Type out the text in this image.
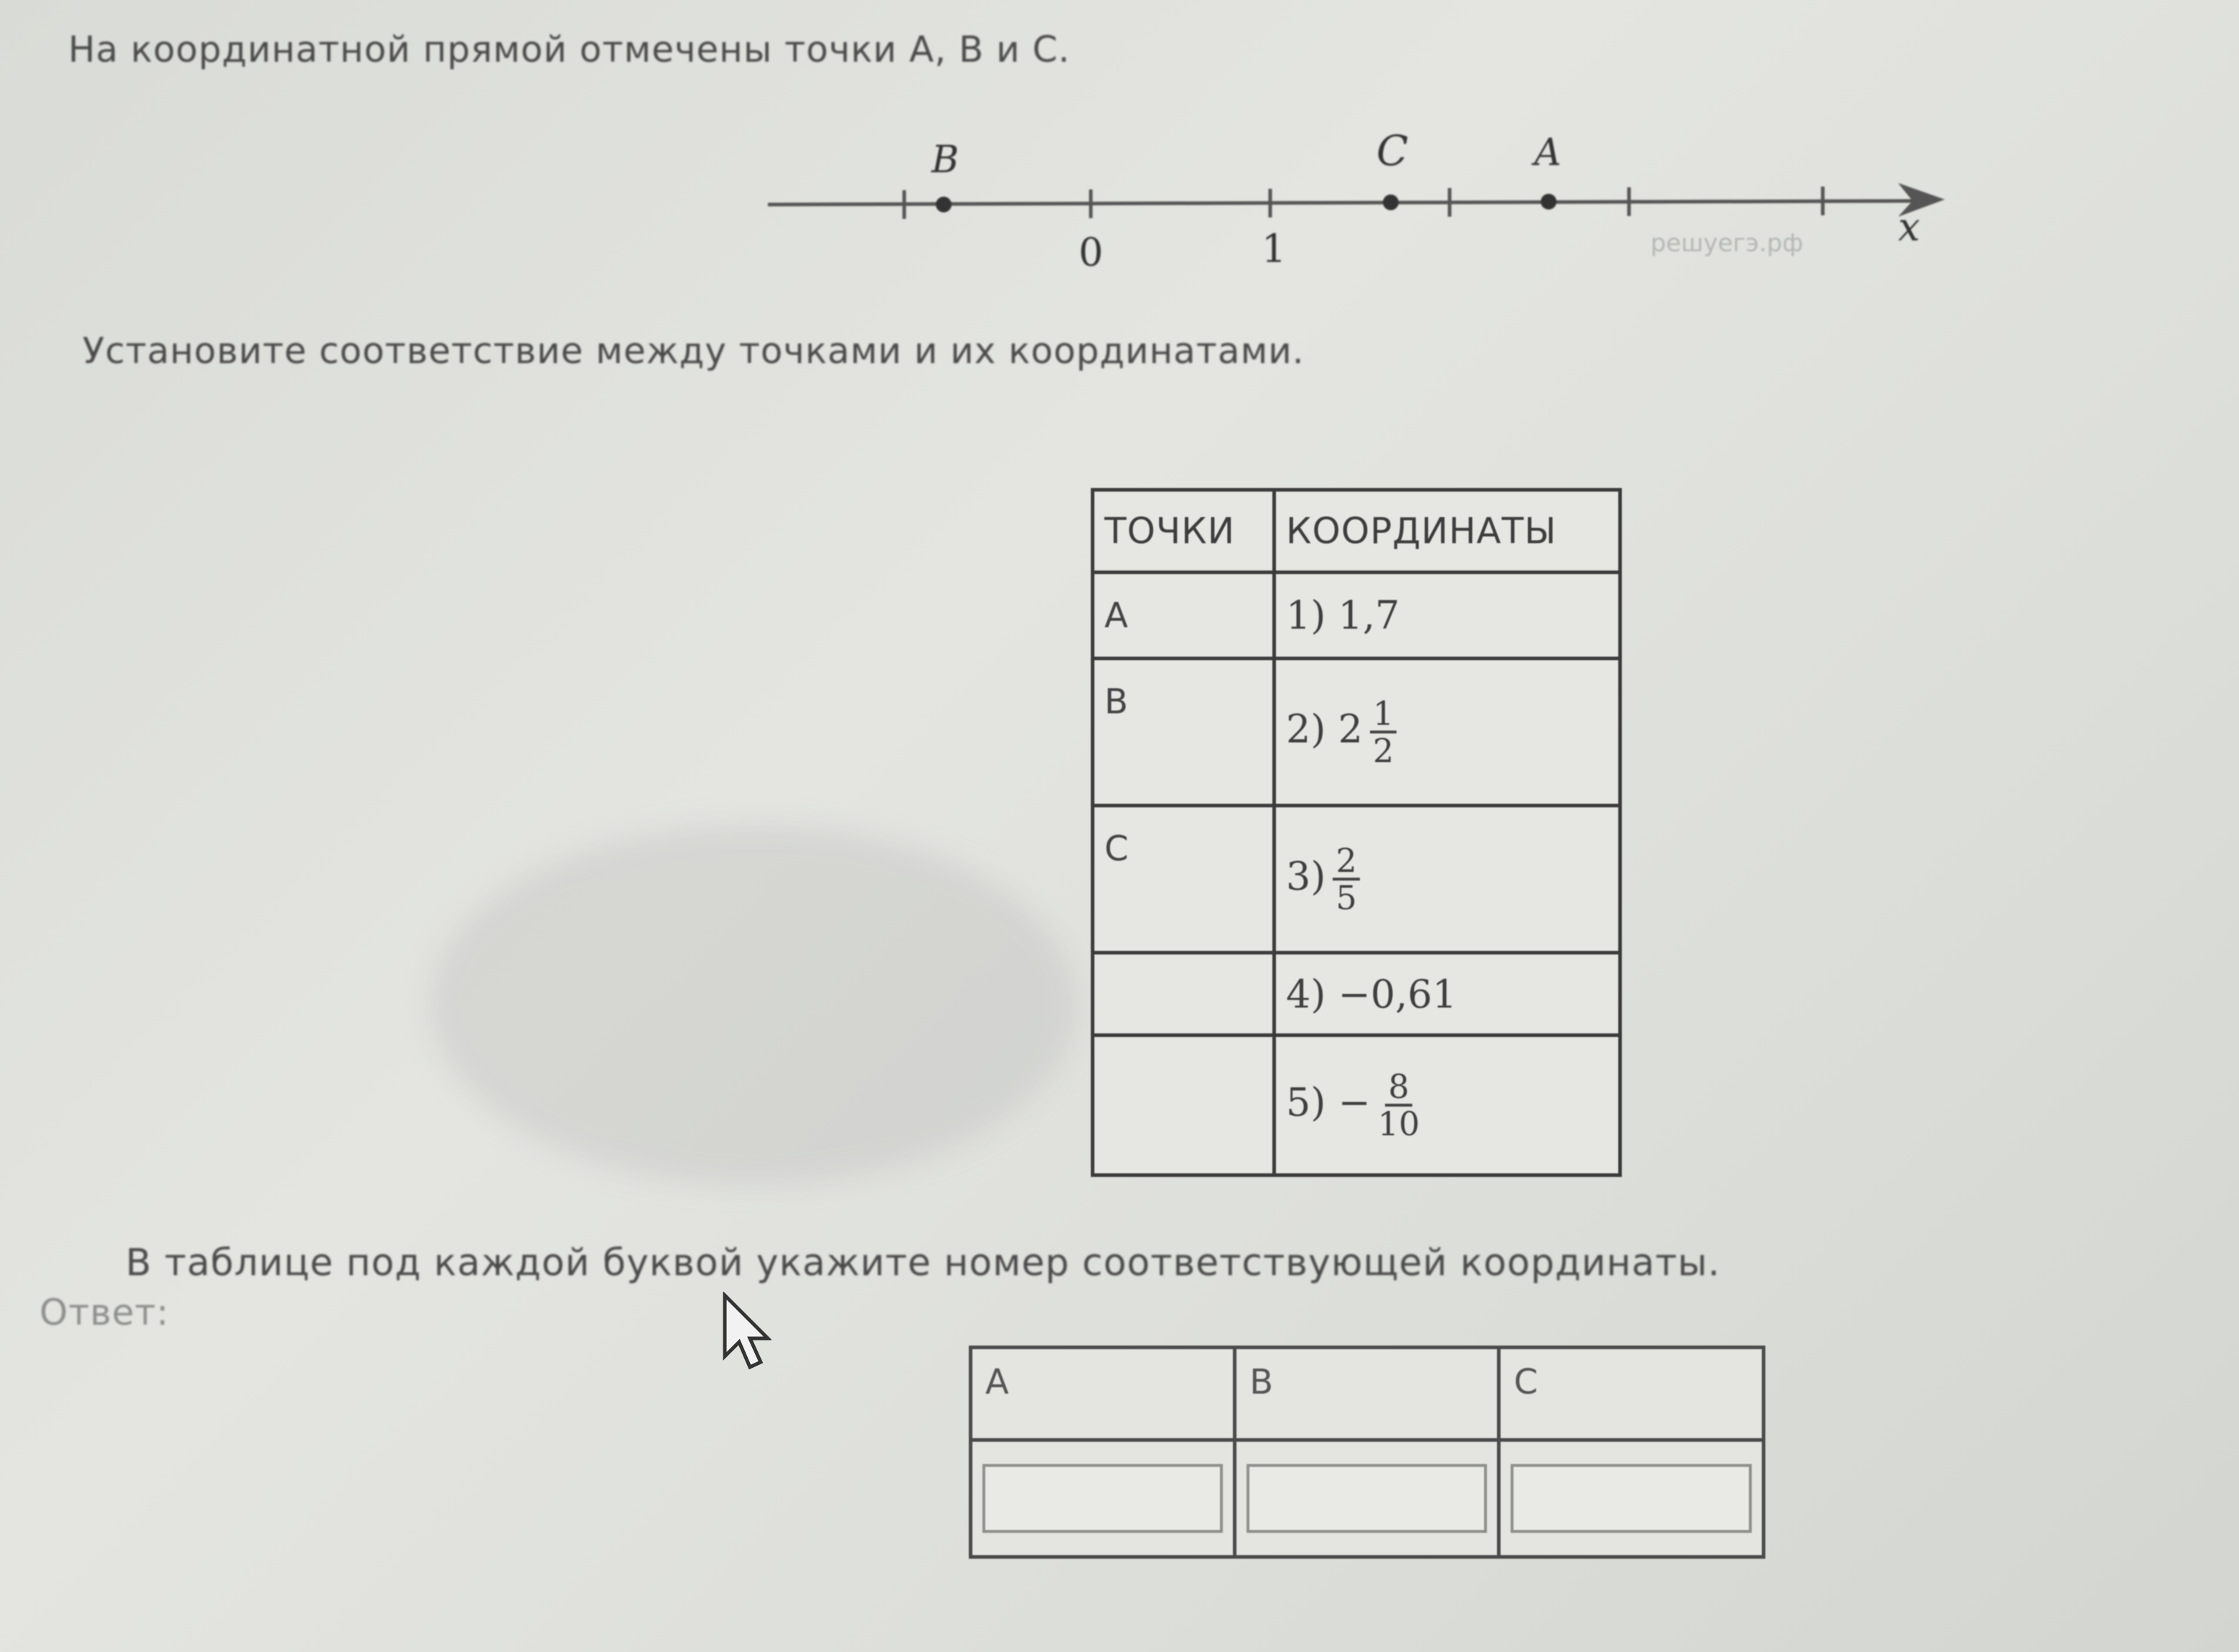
На координатной прямой отмечены точки А, В и С.
B	C	A
0	1	x
решуегэ.рф
Установите соответствие между точками и их координатами.
ТОЧКИ	КООРДИНАТЫ
A	1) 1,7
B	2) $2 \frac{1}{2}$

C	$3) \frac{2}{5}$

	4) −0,61
	$5) - \frac{8}{10}$
В таблице под каждой буквой укажите номер соответствующей координаты.
Ответ:
A	B	C
